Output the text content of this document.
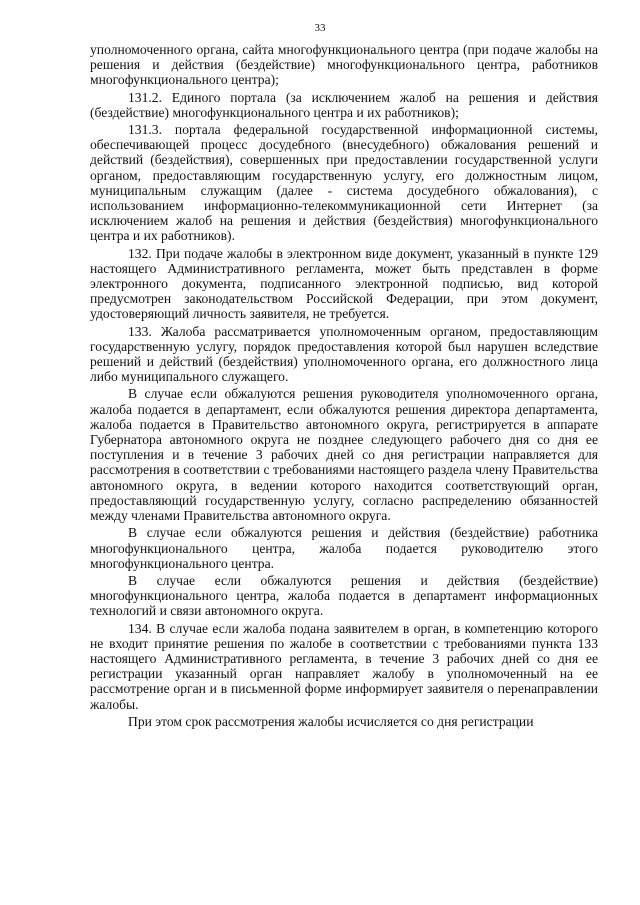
33

уполномоченного органа, сайта многофункционального центра (при подаче жалобы на решения и действия (бездействие) многофункционального центра, работников многофункционального центра);

131.2. Единого портала (за исключением жалоб на решения и действия (бездействие) многофункционального центра и их работников);

131.3. портала федеральной государственной информационной системы, обеспечивающей процесс досудебного (внесудебного) обжалования решений и действий (бездействия), совершенных при предоставлении государственной услуги органом, предоставляющим государственную услугу, его должностным лицом, муниципальным служащим (далее - система досудебного обжалования), с использованием информационно-телекоммуникационной сети Интернет (за исключением жалоб на решения и действия (бездействия) многофункционального центра и их работников).

132. При подаче жалобы в электронном виде документ, указанный в пункте 129 настоящего Административного регламента, может быть представлен в форме электронного документа, подписанного электронной подписью, вид которой предусмотрен законодательством Российской Федерации, при этом документ, удостоверяющий личность заявителя, не требуется.

133. Жалоба рассматривается уполномоченным органом, предоставляющим государственную услугу, порядок предоставления которой был нарушен вследствие решений и действий (бездействия) уполномоченного органа, его должностного лица либо муниципального служащего.

В случае если обжалуются решения руководителя уполномоченного органа, жалоба подается в департамент, если обжалуются решения директора департамента, жалоба подается в Правительство автономного округа, регистрируется в аппарате Губернатора автономного округа не позднее следующего рабочего дня со дня ее поступления и в течение 3 рабочих дней со дня регистрации направляется для рассмотрения в соответствии с требованиями настоящего раздела члену Правительства автономного округа, в ведении которого находится соответствующий орган, предоставляющий государственную услугу, согласно распределению обязанностей между членами Правительства автономного округа.

В случае если обжалуются решения и действия (бездействие) работника многофункционального центра, жалоба подается руководителю этого многофункционального центра.

В случае если обжалуются решения и действия (бездействие) многофункционального центра, жалоба подается в департамент информационных технологий и связи автономного округа.

134. В случае если жалоба подана заявителем в орган, в компетенцию которого не входит принятие решения по жалобе в соответствии с требованиями пункта 133 настоящего Административного регламента, в течение 3 рабочих дней со дня ее регистрации указанный орган направляет жалобу в уполномоченный на ее рассмотрение орган и в письменной форме информирует заявителя о перенаправлении жалобы.

При этом срок рассмотрения жалобы исчисляется со дня регистрации
